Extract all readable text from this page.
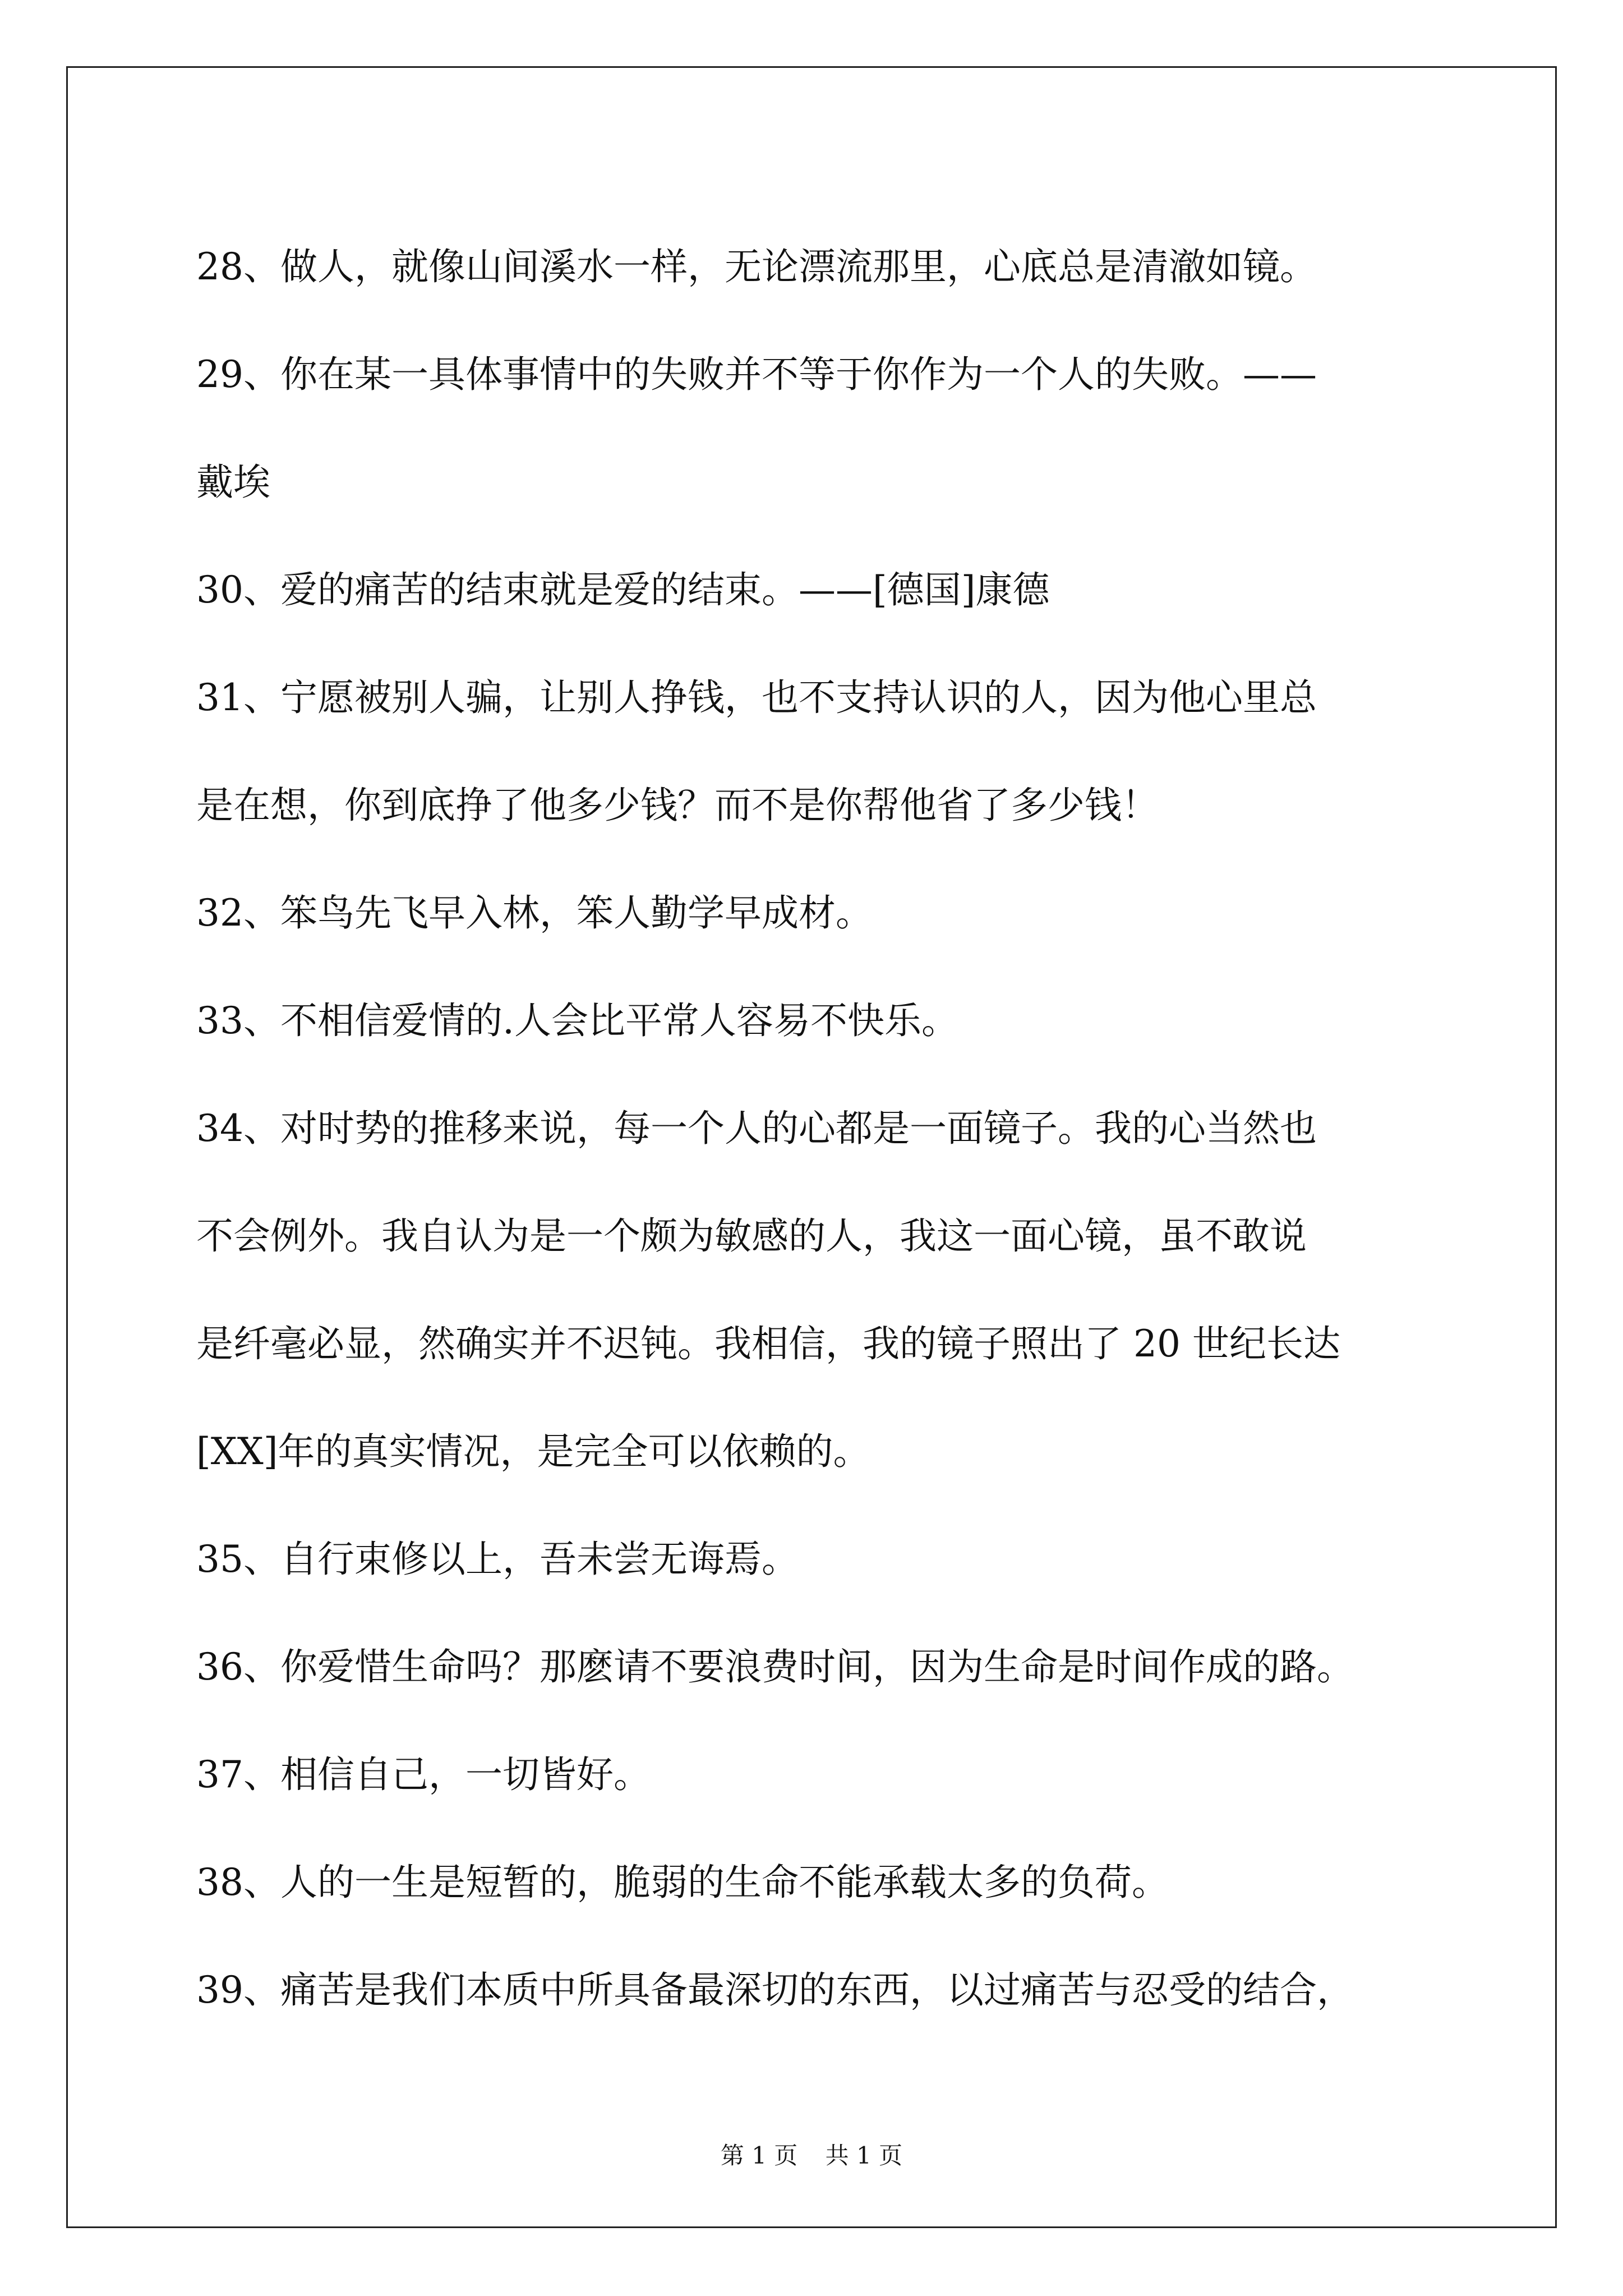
28、做人，就像山间溪水一样，无论漂流那里，心底总是清澈如镜。
29、你在某一具体事情中的失败并不等于你作为一个人的失败。——
戴埃
30、爱的痛苦的结束就是爱的结束。——[德国]康德
31、宁愿被别人骗，让别人挣钱，也不支持认识的人，因为他心里总
是在想，你到底挣了他多少钱？而不是你帮他省了多少钱！
32、笨鸟先飞早入林，笨人勤学早成材。
33、不相信爱情的.人会比平常人容易不快乐。
34、对时势的推移来说，每一个人的心都是一面镜子。我的心当然也
不会例外。我自认为是一个颇为敏感的人，我这一面心镜，虽不敢说
是纤毫必显，然确实并不迟钝。我相信，我的镜子照出了 20 世纪长达
[XX]年的真实情况，是完全可以依赖的。
35、自行束修以上，吾未尝无诲焉。
36、你爱惜生命吗？那麽请不要浪费时间，因为生命是时间作成的路。
37、相信自己，一切皆好。
38、人的一生是短暂的，脆弱的生命不能承载太多的负荷。
39、痛苦是我们本质中所具备最深切的东西，以过痛苦与忍受的结合，
第 1 页 共 1 页
